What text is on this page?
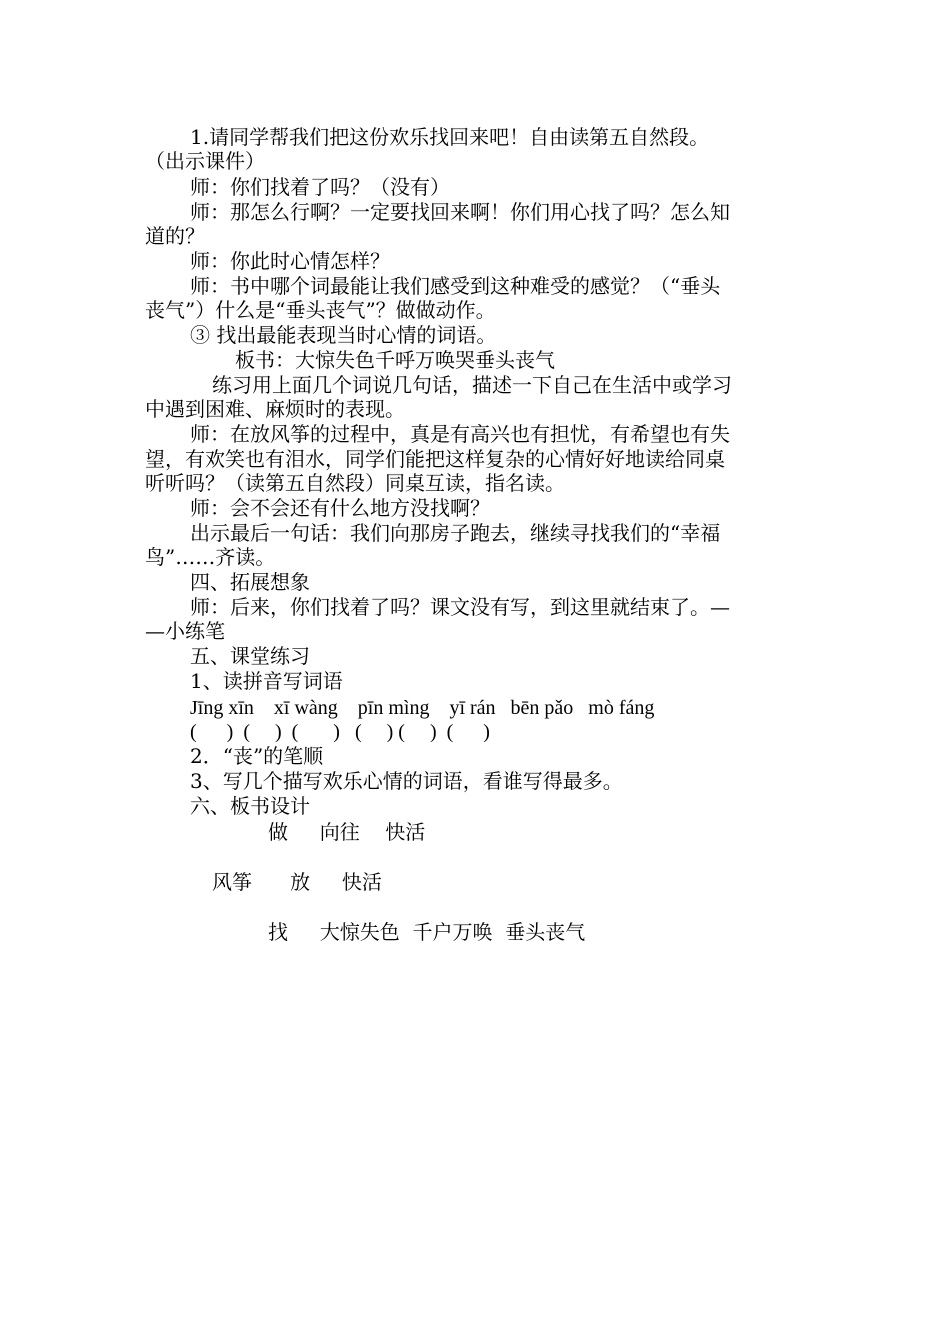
1.请同学帮我们把这份欢乐找回来吧！自由读第五自然段。
（出示课件）
师：你们找着了吗？（没有）
师：那怎么行啊？一定要找回来啊！你们用心找了吗？怎么知
道的？
师：你此时心情怎样？
师：书中哪个词最能让我们感受到这种难受的感觉？（“垂头
丧气”）什么是“垂头丧气”？做做动作。
③ 找出最能表现当时心情的词语。
板书：大惊失色千呼万唤哭垂头丧气
练习用上面几个词说几句话，描述一下自己在生活中或学习
中遇到困难、麻烦时的表现。
师：在放风筝的过程中，真是有高兴也有担忧，有希望也有失
望，有欢笑也有泪水，同学们能把这样复杂的心情好好地读给同桌
听听吗？（读第五自然段）同桌互读，指名读。
师：会不会还有什么地方没找啊？
出示最后一句话：我们向那房子跑去，继续寻找我们的“幸福
鸟”……齐读。
四、拓展想象
师：后来，你们找着了吗？课文没有写，到这里就结束了。—
—小练笔
五、课堂练习
1、读拼音写词语
Jīng xīn    xī wàng    pīn mìng    yī rán   bēn pǎo   mò fáng
(      )  (     )  (       )   (     ) (     )  (      )
2．“丧”的笔顺
3、写几个描写欢乐心情的词语，看谁写得最多。
六、板书设计
做     向往    快活
风筝      放     快活
找     大惊失色  千户万唤  垂头丧气
